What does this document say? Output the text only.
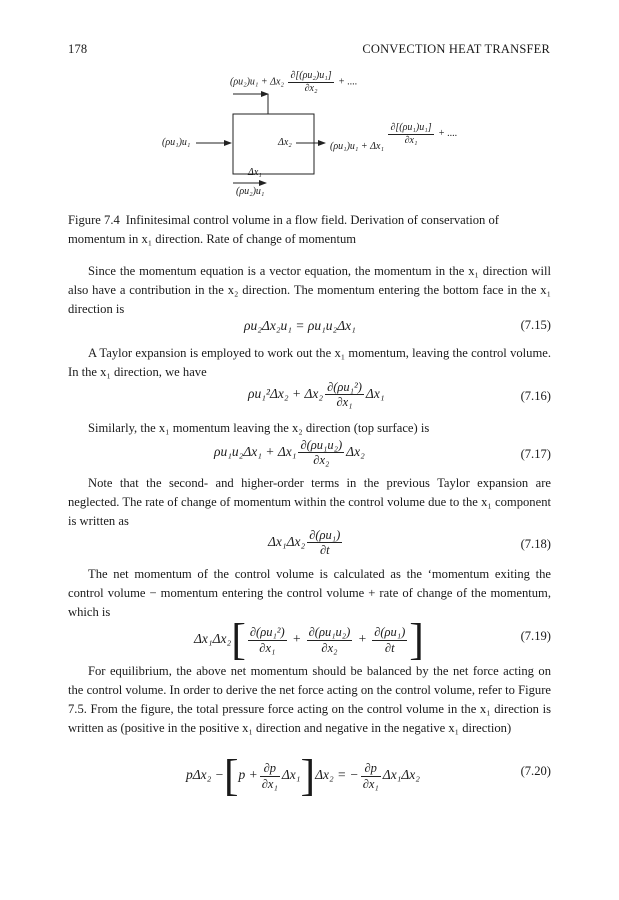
178	CONVECTION HEAT TRANSFER
$(\rho u_2)u_1 + \Delta x_2 \frac{\text{∂[(ρu₂)u₁]}}{\text{∂x₂}}$ + ....
(ρu₁)u₁	Δx₂	(ρu₁)u₁ + Δx₁
$\frac{\text{∂[(ρu₁)u₁]}}{\text{∂x₁}}$ + ....
Δx₁
(ρu₂)u₁
Figure 7.4 Infinitesimal control volume in a flow field. Derivation of conservation of momentum in x₁ direction. Rate of change of momentum
Since the momentum equation is a vector equation, the momentum in the x₁ direction will also have a contribution in the x₂ direction. The momentum entering the bottom face in the x₁ direction is
ρu₂Δx₂u₁ = ρu₁u₂Δx₁	(7.15)
A Taylor expansion is employed to work out the x₁ momentum, leaving the control volume. In the x₁ direction, we have
$\rho u_1^2\Delta x_2 + \Delta x_2 \frac{\text{∂(ρu₁²)}}{\text{∂x₁}} \Delta x_1$	(7.16)
Similarly, the x₁ momentum leaving the x₂ direction (top surface) is
$\rho u_1u_2\Delta x_1 + \Delta x_1 \frac{\text{∂(ρu₁u₂)}}{\text{∂x₂}} \Delta x_2$	(7.17)
Note that the second- and higher-order terms in the previous Taylor expansion are neglected. The rate of change of momentum within the control volume due to the x₁ component is written as
$\Delta x_1\Delta x_2 \frac{\text{∂(ρu₁)}}{\partial t}$	(7.18)
The net momentum of the control volume is calculated as the ‘momentum exiting the control volume − momentum entering the control volume + rate of change of the momentum, which is
$\Delta x_1\Delta x_2[ \frac{\text{∂(ρu₁²)}}{\text{∂x₁}} + \frac{\text{∂(ρu₁u₂)}}{\text{∂x₂}} + \frac{\text{∂(ρu₁)}}{\partial t}$ ]	(7.19)
For equilibrium, the above net momentum should be balanced by the net force acting on the control volume. In order to derive the net force acting on the control volume, refer to Figure 7.5. From the figure, the total pressure force acting on the control volume in the x₁ direction is written as (positive in the positive x₁ direction and negative in the negative x₁ direction)
$p\Delta x_2 -[p + \frac{\partial p}{\text{∂x₁}} \Delta x_1]\Delta x_2$ = − $\frac{\partial p}{\text{∂x₁}} \Delta x_1\Delta x_2$	(7.20)
